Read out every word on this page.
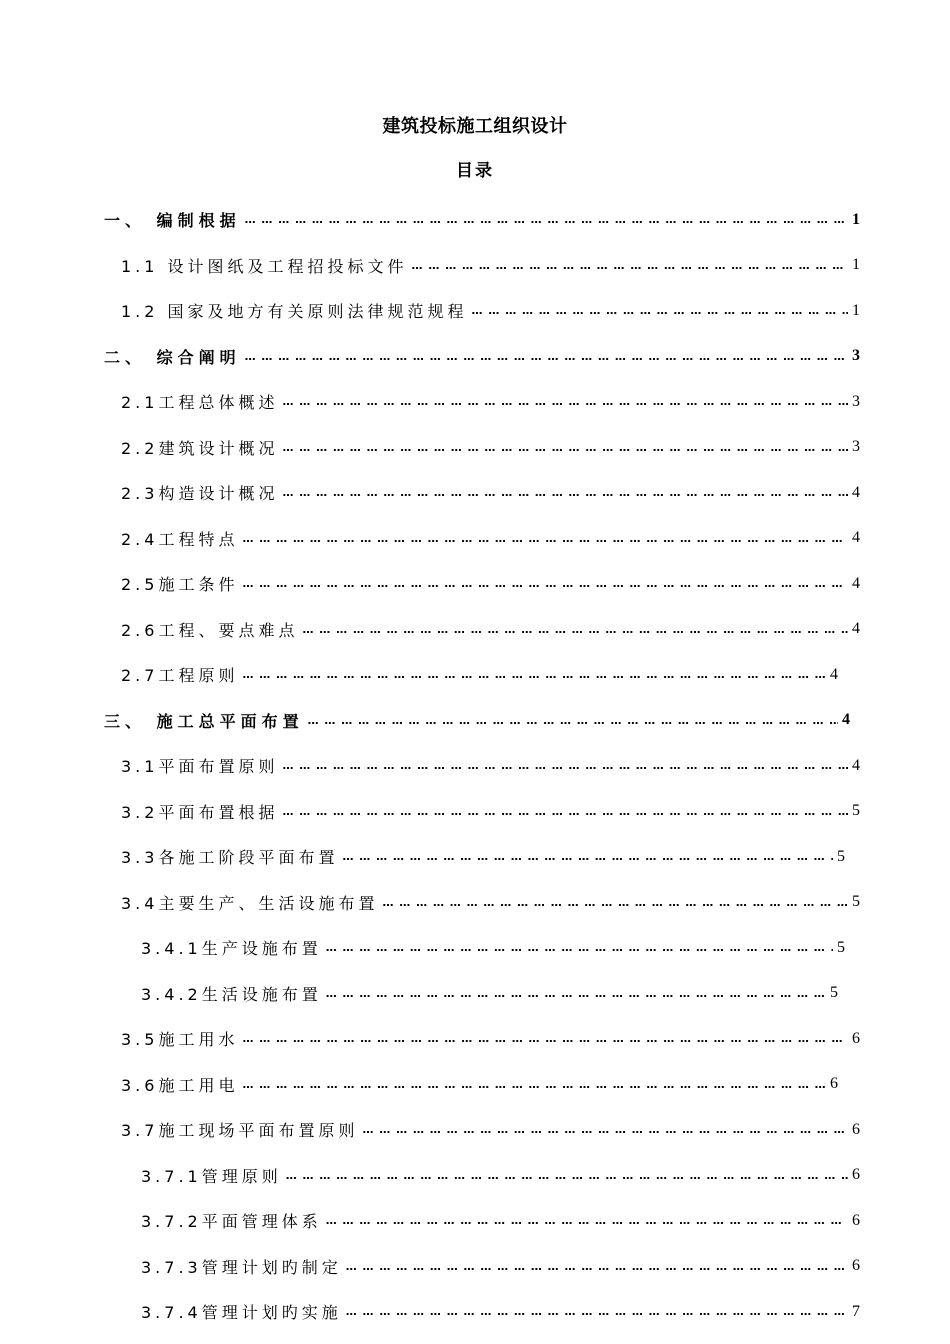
建筑投标施工组织设计
目录
一、 编制根据 … … … … … … … … … … … … … … … … … … … … … … … … … … … … … … … … … … … … … … … … … … … … … … … … … … … … … …	1
1.1 设计图纸及工程招投标文件 … … … … … … … … … … … … … … … … … … … … … … … … … … … … … … … … … … … … … … … … … … … … … … … … … … … … … …	1
1.2 国家及地方有关原则法律规范规程 … … … … … … … … … … … … … … … … … … … … … … … … … … … … … … … … … … … … … … … … … … … … … … … … … … … … … …	1
二、 综合阐明 … … … … … … … … … … … … … … … … … … … … … … … … … … … … … … … … … … … … … … … … … … … … … … … … … … … … … …	3
2.1工程总体概述 … … … … … … … … … … … … … … … … … … … … … … … … … … … … … … … … … … … … … … … … … … … … … … … … … … … … … …	3
2.2建筑设计概况 … … … … … … … … … … … … … … … … … … … … … … … … … … … … … … … … … … … … … … … … … … … … … … … … … … … … … …	3
2.3构造设计概况 … … … … … … … … … … … … … … … … … … … … … … … … … … … … … … … … … … … … … … … … … … … … … … … … … … … … … …	4
2.4工程特点 … … … … … … … … … … … … … … … … … … … … … … … … … … … … … … … … … … … … … … … … … … … … … … … … … … … … … …	4
2.5施工条件 … … … … … … … … … … … … … … … … … … … … … … … … … … … … … … … … … … … … … … … … … … … … … … … … … … … … … …	4
2.6工程、要点难点 … … … … … … … … … … … … … … … … … … … … … … … … … … … … … … … … … … … … … … … … … … … … … … … … … … … … … …	4
2.7工程原则 … … … … … … … … … … … … … … … … … … … … … … … … … … … … … … … … … … … … … … … … … … … … … … … … … … … … … …	4
三、 施工总平面布置 … … … … … … … … … … … … … … … … … … … … … … … … … … … … … … … … … … … … … … … … … … … … … … … … … … … … … …	4
3.1平面布置原则 … … … … … … … … … … … … … … … … … … … … … … … … … … … … … … … … … … … … … … … … … … … … … … … … … … … … … …	4
3.2平面布置根据 … … … … … … … … … … … … … … … … … … … … … … … … … … … … … … … … … … … … … … … … … … … … … … … … … … … … … …	5
3.3各施工阶段平面布置 … … … … … … … … … … … … … … … … … … … … … … … … … … … … … … … … … … … … … … … … … … … … … … … … … … … … … …	5
3.4主要生产、生活设施布置 … … … … … … … … … … … … … … … … … … … … … … … … … … … … … … … … … … … … … … … … … … … … … … … … … … … … … …	5
3.4.1生产设施布置 … … … … … … … … … … … … … … … … … … … … … … … … … … … … … … … … … … … … … … … … … … … … … … … … … … … … … …	5
3.4.2生活设施布置 … … … … … … … … … … … … … … … … … … … … … … … … … … … … … … … … … … … … … … … … … … … … … … … … … … … … … …	5
3.5施工用水 … … … … … … … … … … … … … … … … … … … … … … … … … … … … … … … … … … … … … … … … … … … … … … … … … … … … … …	6
3.6施工用电 … … … … … … … … … … … … … … … … … … … … … … … … … … … … … … … … … … … … … … … … … … … … … … … … … … … … … …	6
3.7施工现场平面布置原则 … … … … … … … … … … … … … … … … … … … … … … … … … … … … … … … … … … … … … … … … … … … … … … … … … … … … … …	6
3.7.1管理原则 … … … … … … … … … … … … … … … … … … … … … … … … … … … … … … … … … … … … … … … … … … … … … … … … … … … … … …	6
3.7.2平面管理体系 … … … … … … … … … … … … … … … … … … … … … … … … … … … … … … … … … … … … … … … … … … … … … … … … … … … … … …	6
3.7.3管理计划旳制定 … … … … … … … … … … … … … … … … … … … … … … … … … … … … … … … … … … … … … … … … … … … … … … … … … … … … … …	6
3.7.4管理计划旳实施 … … … … … … … … … … … … … … … … … … … … … … … … … … … … … … … … … … … … … … … … … … … … … … … … … … … … … …	7
